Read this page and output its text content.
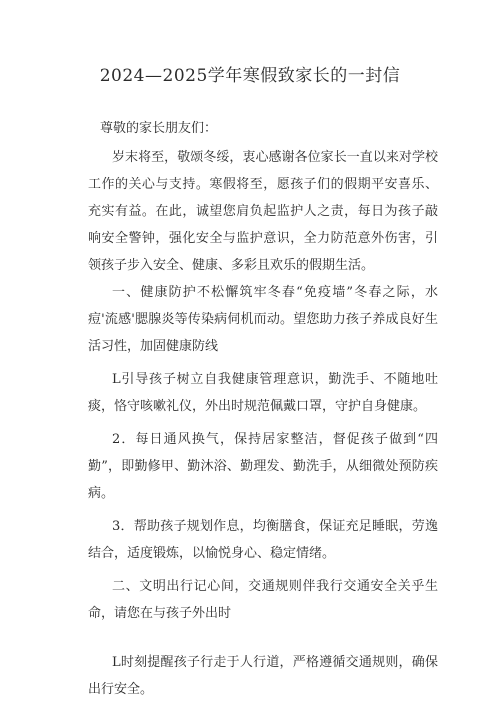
2024—2025学年寒假致家长的一封信

尊敬的家长朋友们：

岁末将至，敬颂冬绥，衷心感谢各位家长一直以来对学校工作的关心与支持。寒假将至，愿孩子们的假期平安喜乐、充实有益。在此，诚望您肩负起监护人之责，每日为孩子敲响安全警钟，强化安全与监护意识，全力防范意外伤害，引领孩子步入安全、健康、多彩且欢乐的假期生活。

一、健康防护不松懈筑牢冬春“免疫墙”冬春之际，水痘'流感'腮腺炎等传染病伺机而动。望您助力孩子养成良好生活习性，加固健康防线

L引导孩子树立自我健康管理意识，勤洗手、不随地吐痰，恪守咳嗽礼仪，外出时规范佩戴口罩，守护自身健康。

2．每日通风换气，保持居家整洁，督促孩子做到“四勤”，即勤修甲、勤沐浴、勤理发、勤洗手，从细微处预防疾病。

3．帮助孩子规划作息，均衡膳食，保证充足睡眠，劳逸结合，适度锻炼，以愉悦身心、稳定情绪。

二、文明出行记心间，交通规则伴我行交通安全关乎生命，请您在与孩子外出时

L时刻提醒孩子行走于人行道，严格遵循交通规则，确保出行安全。
